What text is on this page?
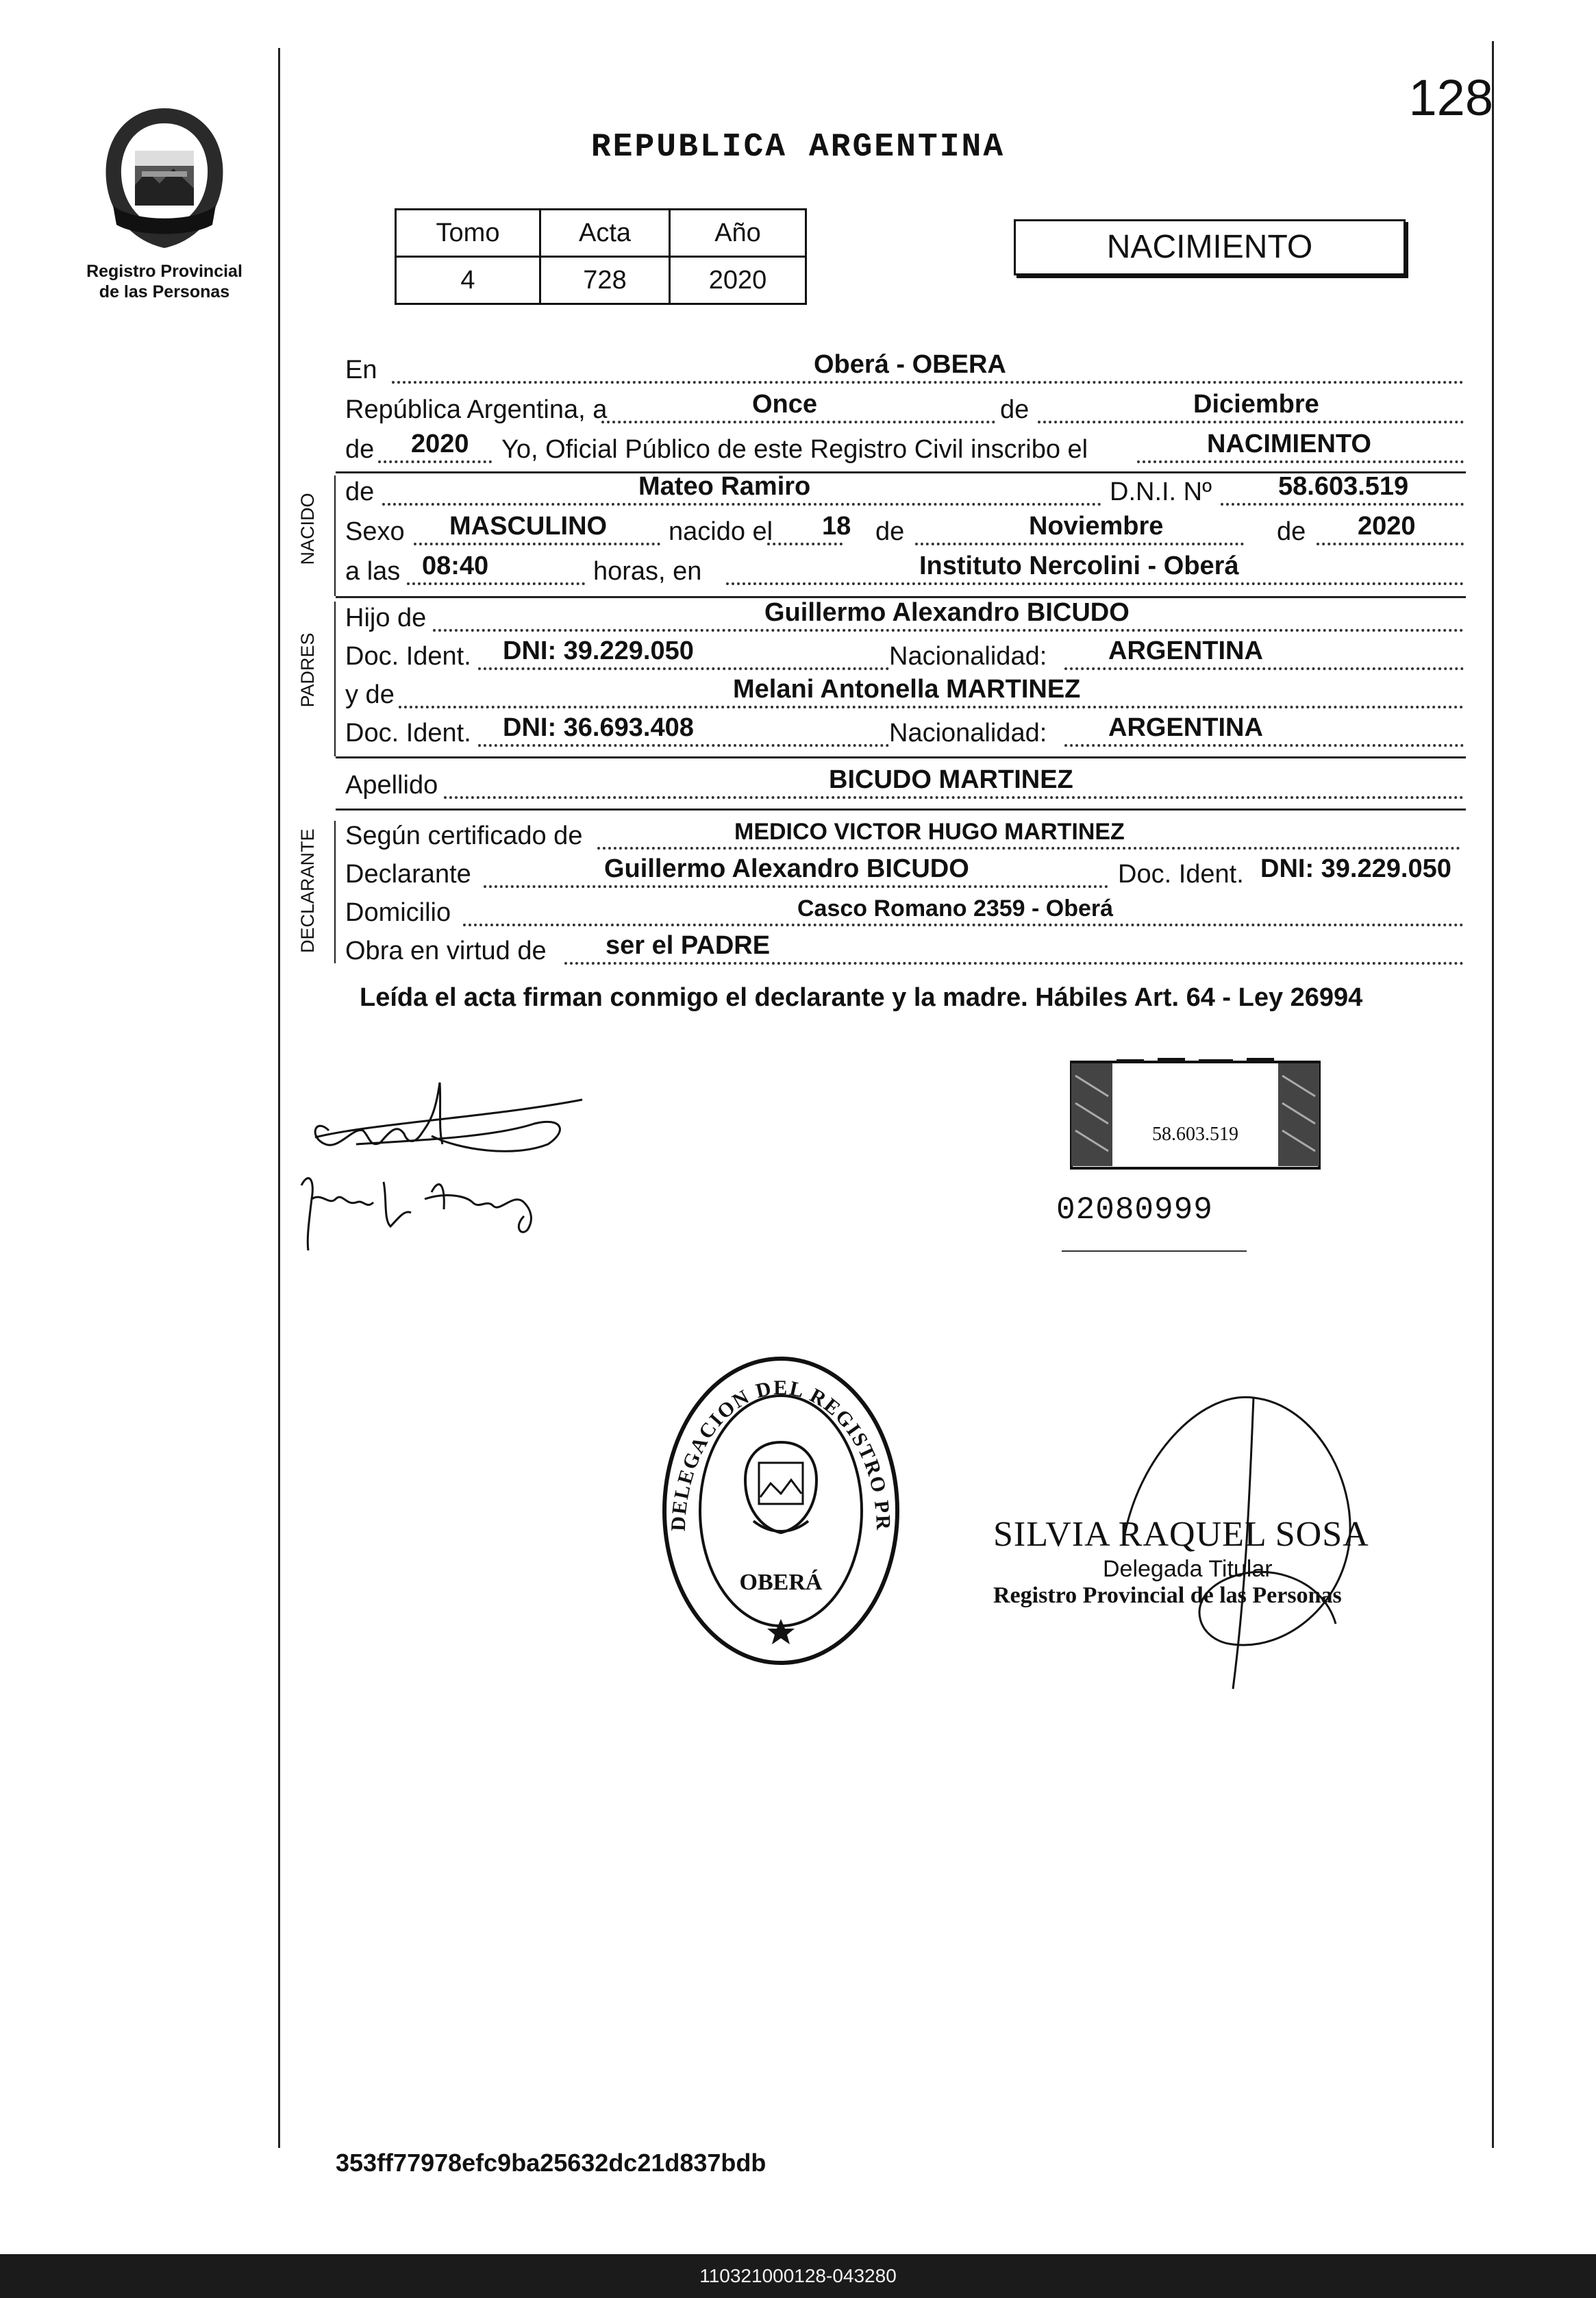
128
Registro Provincial
de las Personas
REPUBLICA ARGENTINA
Tomo	Acta	Año
4	728	2020
NACIMIENTO
En	Oberá - OBERA
República Argentina, a	Once	de	Diciembre
de 2020 Yo, Oficial Público de este Registro Civil inscribo el	NACIMIENTO
NACIDO
de	Mateo Ramiro	D.N.I. Nº	58.603.519
Sexo MASCULINO nacido el 18 de	Noviembre	de 2020
a las 08:40	horas, en	Instituto Nercolini - Oberá
PADRES
Hijo de	Guillermo Alexandro BICUDO
Doc. Ident. DNI: 39.229.050	Nacionalidad: ARGENTINA
y de	Melani Antonella MARTINEZ
Doc. Ident. DNI: 36.693.408	Nacionalidad: ARGENTINA
Apellido	BICUDO MARTINEZ
DECLARANTE Según certificado de	MEDICO VICTOR HUGO MARTINEZ
Declarante	Guillermo Alexandro BICUDO	Doc. Ident. DNI: 39.229.050
Domicilio	Casco Romano 2359 - Oberá
Obra en virtud de ser el PADRE
Leída el acta firman conmigo el declarante y la madre. Hábiles Art. 64 - Ley 26994
58.603.519
02080999
DELEGACION DEL REGISTRO PR
OBERÁ
SILVIA RAQUEL SOSA
Delegada Titular
Registro Provincial de las Personas
353ff77978efc9ba25632dc21d837bdb
110321000128-043280
